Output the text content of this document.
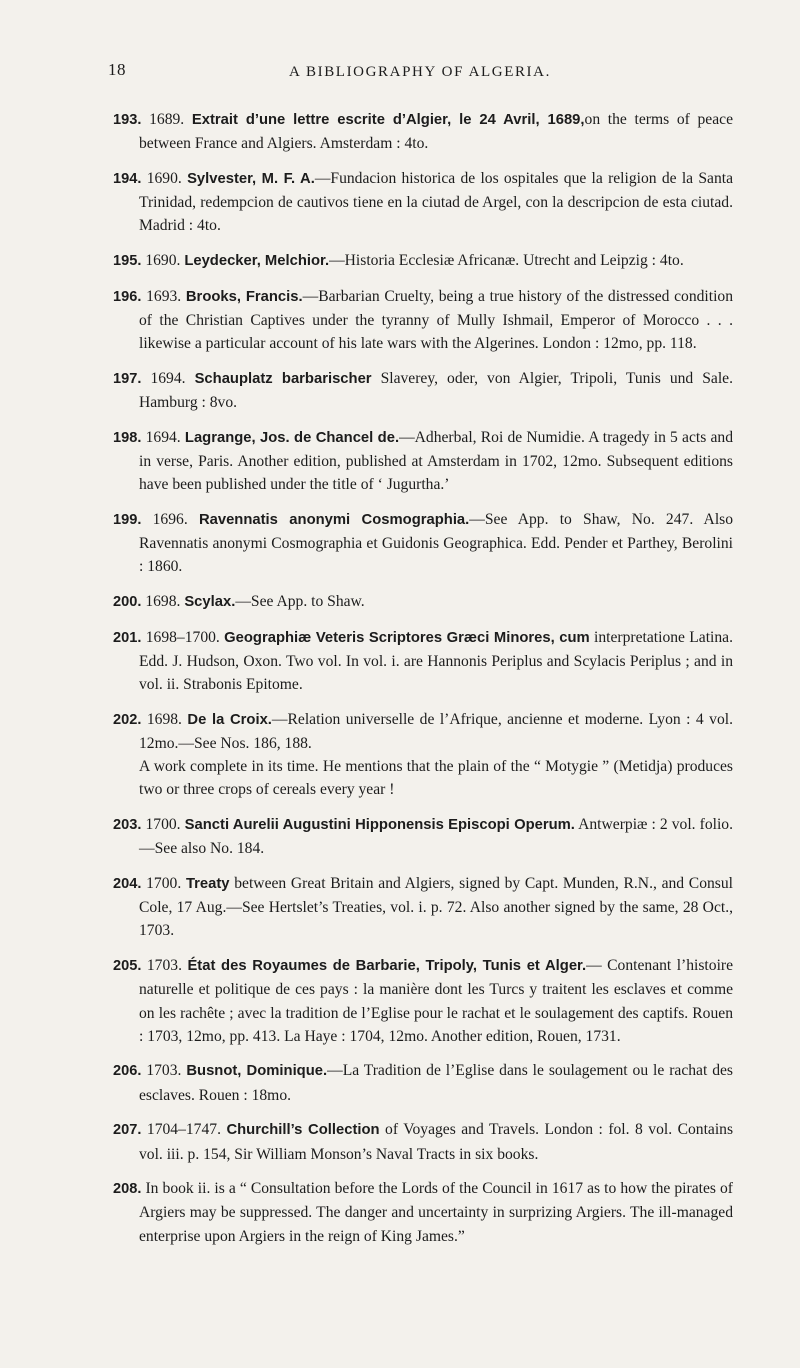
18	A BIBLIOGRAPHY OF ALGERIA.
193. 1689. Extrait d’une lettre escrite d’Algier, le 24 Avril, 1689,on the terms of peace between France and Algiers. Amsterdam : 4to.
194. 1690. Sylvester, M. F. A.—Fundacion historica de los ospitales que la religion de la Santa Trinidad, redempcion de cautivos tiene en la ciutad de Argel, con la descripcion de esta ciutad. Madrid : 4to.
195. 1690. Leydecker, Melchior.—Historia Ecclesiæ Africanæ. Utrecht and Leipzig : 4to.
196. 1693. Brooks, Francis.—Barbarian Cruelty, being a true history of the distressed condition of the Christian Captives under the tyranny of Mully Ishmail, Emperor of Morocco . . . likewise a particular account of his late wars with the Algerines. London : 12mo, pp. 118.
197. 1694. Schauplatz barbarischer Slaverey, oder, von Algier, Tripoli, Tunis und Sale. Hamburg : 8vo.
198. 1694. Lagrange, Jos. de Chancel de.—Adherbal, Roi de Numidie. A tragedy in 5 acts and in verse, Paris. Another edition, published at Amsterdam in 1702, 12mo. Subsequent editions have been published under the title of ‘ Jugurtha.’
199. 1696. Ravennatis anonymi Cosmographia.—See App. to Shaw, No. 247. Also Ravennatis anonymi Cosmographia et Guidonis Geographica. Edd. Pender et Parthey, Berolini : 1860.
200. 1698. Scylax.—See App. to Shaw.
201. 1698–1700. Geographiæ Veteris Scriptores Græci Minores, cum interpretatione Latina. Edd. J. Hudson, Oxon. Two vol. In vol. i. are Hannonis Periplus and Scylacis Periplus ; and in vol. ii. Strabonis Epitome.
202. 1698. De la Croix.—Relation universelle de l’Afrique, ancienne et moderne. Lyon : 4 vol. 12mo.—See Nos. 186, 188.
A work complete in its time. He mentions that the plain of the “ Motygie ” (Metidja) produces two or three crops of cereals every year !
203. 1700. Sancti Aurelii Augustini Hipponensis Episcopi Operum. Antwerpiæ : 2 vol. folio.—See also No. 184.
204. 1700. Treaty between Great Britain and Algiers, signed by Capt. Munden, R.N., and Consul Cole, 17 Aug.—See Hertslet’s Treaties, vol. i. p. 72. Also another signed by the same, 28 Oct., 1703.
205. 1703. État des Royaumes de Barbarie, Tripoly, Tunis et Alger.— Contenant l’histoire naturelle et politique de ces pays : la manière dont les Turcs y traitent les esclaves et comme on les rachête ; avec la tradition de l’Eglise pour le rachat et le soulagement des captifs. Rouen : 1703, 12mo, pp. 413. La Haye : 1704, 12mo. Another edition, Rouen, 1731.
206. 1703. Busnot, Dominique.—La Tradition de l’Eglise dans le soulagement ou le rachat des esclaves. Rouen : 18mo.
207. 1704–1747. Churchill’s Collection of Voyages and Travels. London : fol. 8 vol. Contains vol. iii. p. 154, Sir William Monson’s Naval Tracts in six books.
208. In book ii. is a “ Consultation before the Lords of the Council in 1617 as to how the pirates of Argiers may be suppressed. The danger and uncertainty in surprizing Argiers. The ill-managed enterprise upon Argiers in the reign of King James.”
